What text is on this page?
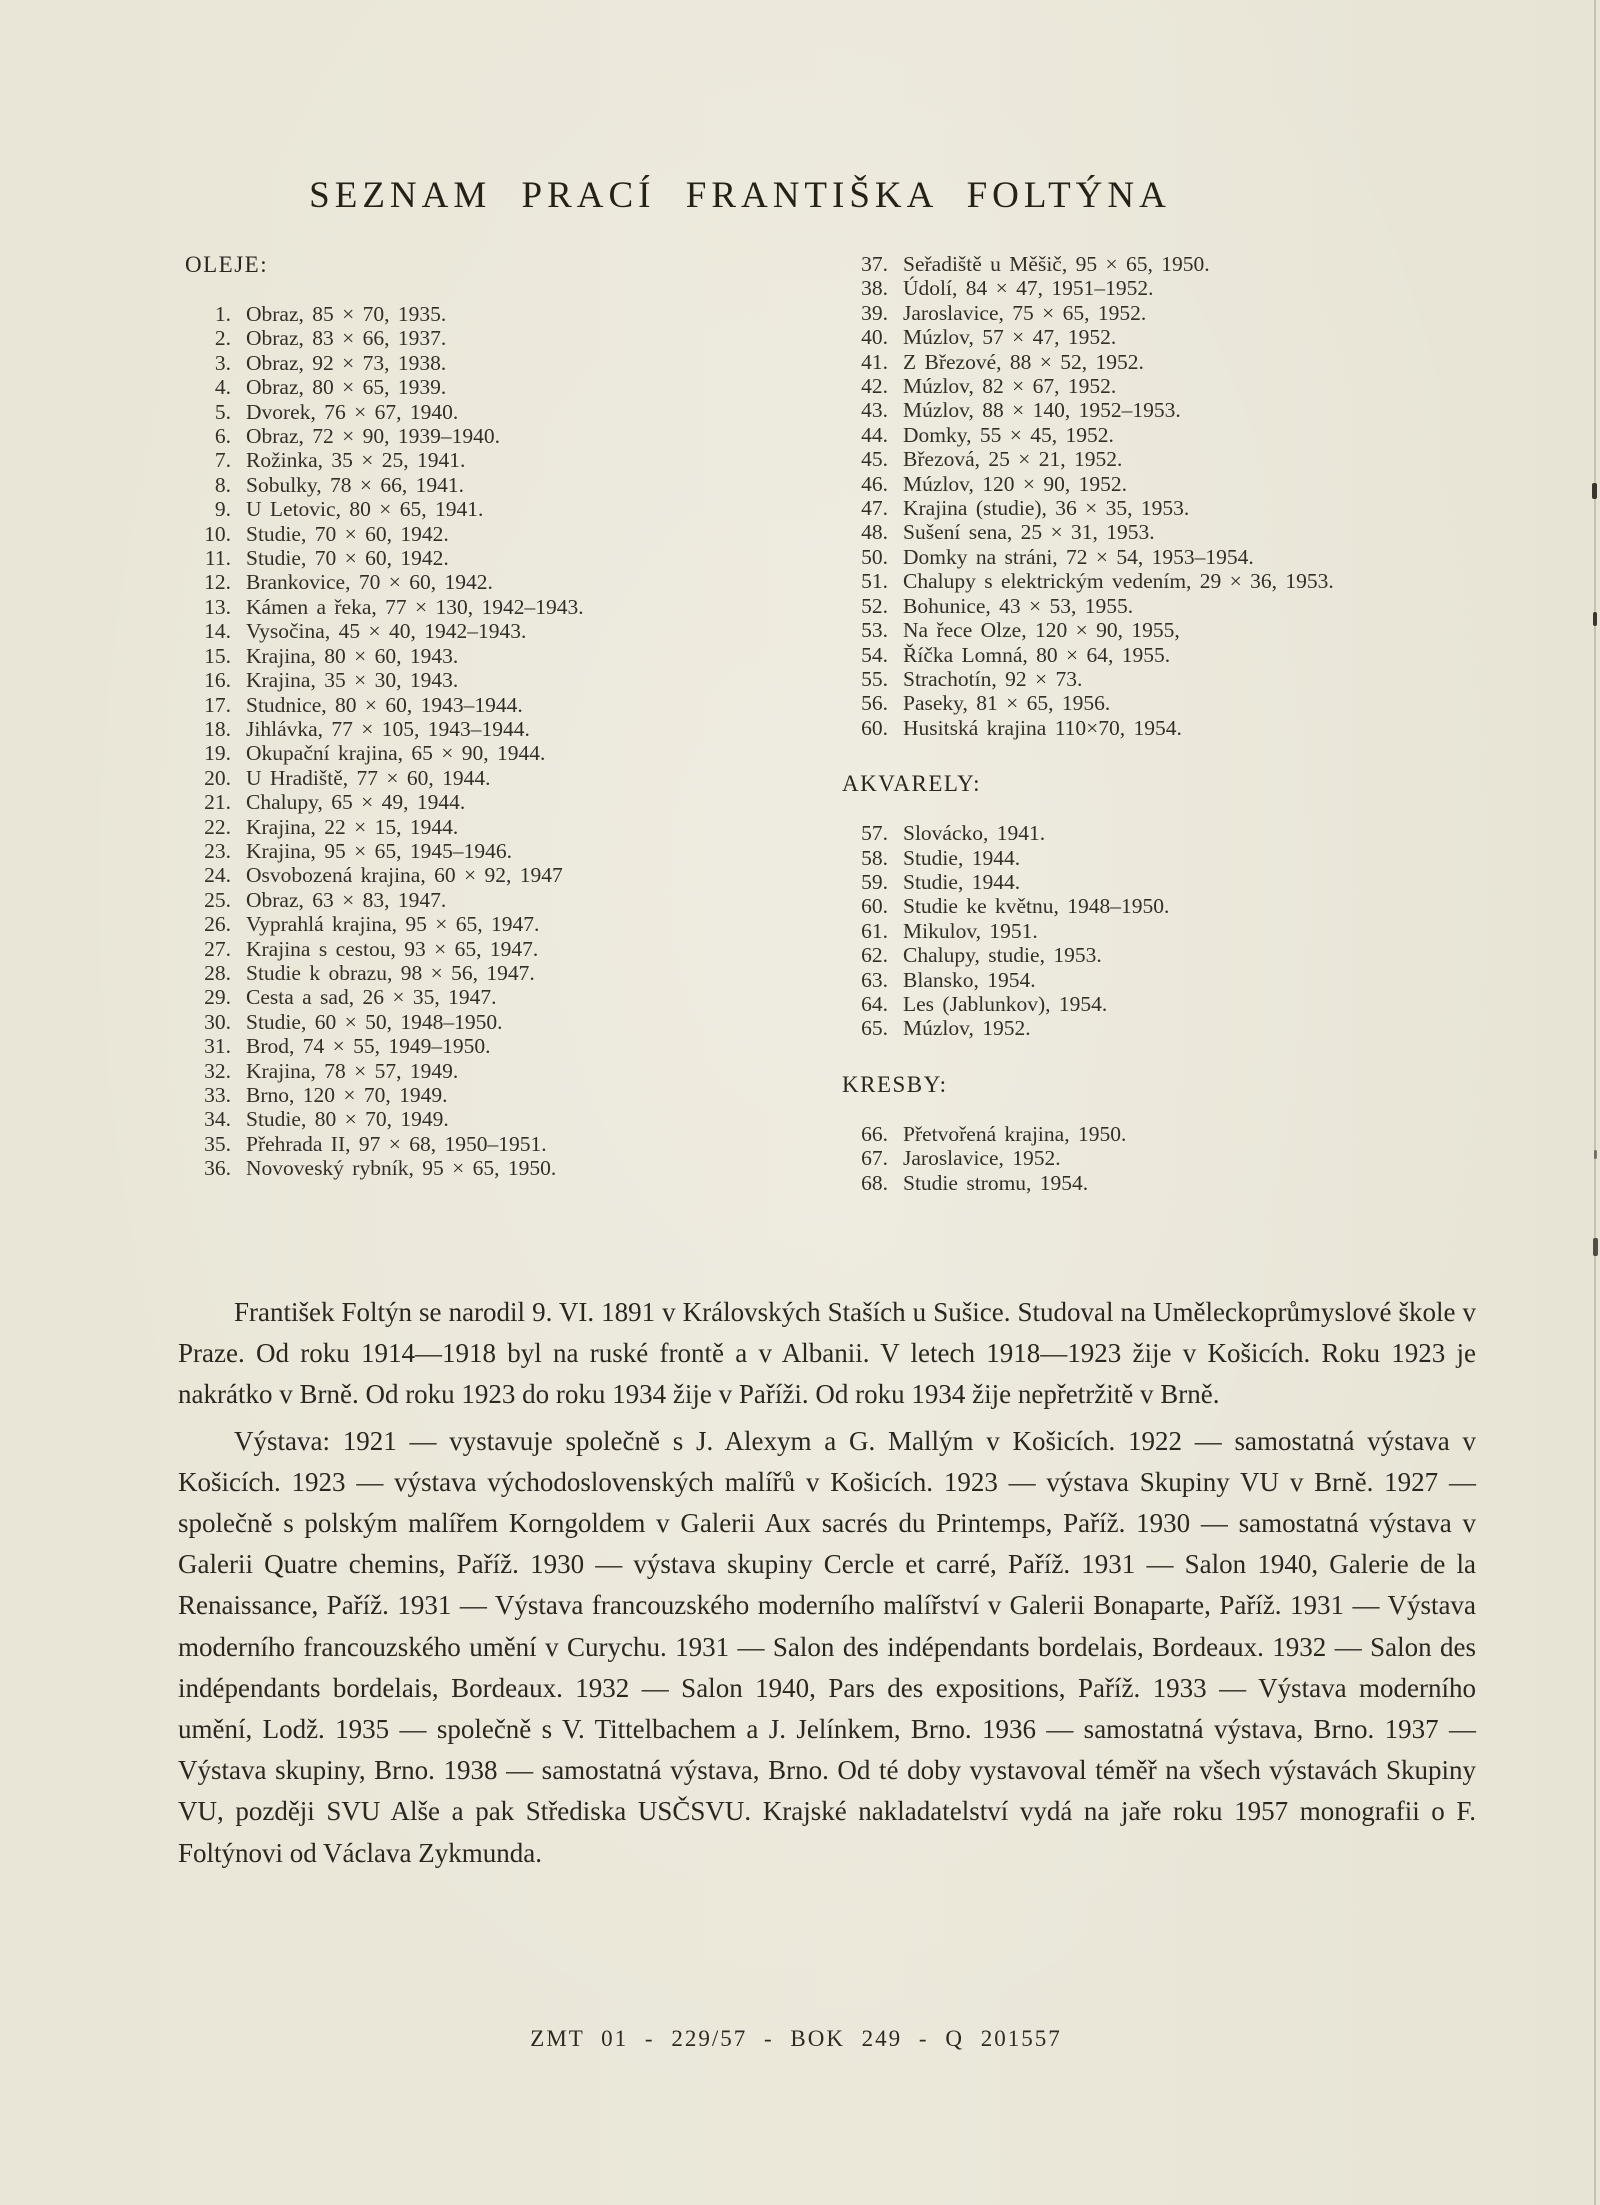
SEZNAM PRACÍ FRANTIŠKA FOLTÝNA
OLEJE:
1. Obraz, 85 × 70, 1935.
2. Obraz, 83 × 66, 1937.
3. Obraz, 92 × 73, 1938.
4. Obraz, 80 × 65, 1939.
5. Dvorek, 76 × 67, 1940.
6. Obraz, 72 × 90, 1939–1940.
7. Rožinka, 35 × 25, 1941.
8. Sobulky, 78 × 66, 1941.
9. U Letovic, 80 × 65, 1941.
10. Studie, 70 × 60, 1942.
11. Studie, 70 × 60, 1942.
12. Brankovice, 70 × 60, 1942.
13. Kámen a řeka, 77 × 130, 1942–1943.
14. Vysočina, 45 × 40, 1942–1943.
15. Krajina, 80 × 60, 1943.
16. Krajina, 35 × 30, 1943.
17. Studnice, 80 × 60, 1943–1944.
18. Jihlávka, 77 × 105, 1943–1944.
19. Okupační krajina, 65 × 90, 1944.
20. U Hradiště, 77 × 60, 1944.
21. Chalupy, 65 × 49, 1944.
22. Krajina, 22 × 15, 1944.
23. Krajina, 95 × 65, 1945–1946.
24. Osvobozená krajina, 60 × 92, 1947
25. Obraz, 63 × 83, 1947.
26. Vyprahlá krajina, 95 × 65, 1947.
27. Krajina s cestou, 93 × 65, 1947.
28. Studie k obrazu, 98 × 56, 1947.
29. Cesta a sad, 26 × 35, 1947.
30. Studie, 60 × 50, 1948–1950.
31. Brod, 74 × 55, 1949–1950.
32. Krajina, 78 × 57, 1949.
33. Brno, 120 × 70, 1949.
34. Studie, 80 × 70, 1949.
35. Přehrada II, 97 × 68, 1950–1951.
36. Novoveský rybník, 95 × 65, 1950.
37. Seřadiště u Měšič, 95 × 65, 1950.
38. Údolí, 84 × 47, 1951–1952.
39. Jaroslavice, 75 × 65, 1952.
40. Múzlov, 57 × 47, 1952.
41. Z Březové, 88 × 52, 1952.
42. Múzlov, 82 × 67, 1952.
43. Múzlov, 88 × 140, 1952–1953.
44. Domky, 55 × 45, 1952.
45. Březová, 25 × 21, 1952.
46. Múzlov, 120 × 90, 1952.
47. Krajina (studie), 36 × 35, 1953.
48. Sušení sena, 25 × 31, 1953.
50. Domky na stráni, 72 × 54, 1953–1954.
51. Chalupy s elektrickým vedením, 29 × 36, 1953.
52. Bohunice, 43 × 53, 1955.
53. Na řece Olze, 120 × 90, 1955,
54. Říčka Lomná, 80 × 64, 1955.
55. Strachotín, 92 × 73.
56. Paseky, 81 × 65, 1956.
60. Husitská krajina 110×70, 1954.
AKVARELY:
57. Slovácko, 1941.
58. Studie, 1944.
59. Studie, 1944.
60. Studie ke květnu, 1948–1950.
61. Mikulov, 1951.
62. Chalupy, studie, 1953.
63. Blansko, 1954.
64. Les (Jablunkov), 1954.
65. Múzlov, 1952.
KRESBY:
66. Přetvořená krajina, 1950.
67. Jaroslavice, 1952.
68. Studie stromu, 1954.

František Foltýn se narodil 9. VI. 1891 v Královských Staších u Sušice. Studoval na Uměleckoprůmyslové škole v Praze. Od roku 1914—1918 byl na ruské frontě a v Albanii. V letech 1918—1923 žije v Košicích. Roku 1923 je nakrátko v Brně. Od roku 1923 do roku 1934 žije v Paříži. Od roku 1934 žije nepřetržitě v Brně.

Výstava: 1921 — vystavuje společně s J. Alexym a G. Mallým v Košicích. 1922 — samostatná výstava v Košicích. 1923 — výstava východoslovenských malířů v Košicích. 1923 — výstava Skupiny VU v Brně. 1927 — společně s polským malířem Korngoldem v Galerii Aux sacrés du Printemps, Paříž. 1930 — samostatná výstava v Galerii Quatre chemins, Paříž. 1930 — výstava skupiny Cercle et carré, Paříž. 1931 — Salon 1940, Galerie de la Renaissance, Paříž. 1931 — Výstava francouzského moderního malířství v Galerii Bonaparte, Paříž. 1931 — Výstava moderního francouzského umění v Curychu. 1931 — Salon des indépendants bordelais, Bordeaux. 1932 — Salon des indépendants bordelais, Bordeaux. 1932 — Salon 1940, Pars des expositions, Paříž. 1933 — Výstava moderního umění, Lodž. 1935 — společně s V. Tittelbachem a J. Jelínkem, Brno. 1936 — samostatná výstava, Brno. 1937 — Výstava skupiny, Brno. 1938 — samostatná výstava, Brno. Od té doby vystavoval téměř na všech výstavách Skupiny VU, později SVU Alše a pak Střediska USČSVU. Krajské nakladatelství vydá na jaře roku 1957 monografii o F. Foltýnovi od Václava Zykmunda.

ZMT 01 - 229/57 - BOK 249 - Q 201557
